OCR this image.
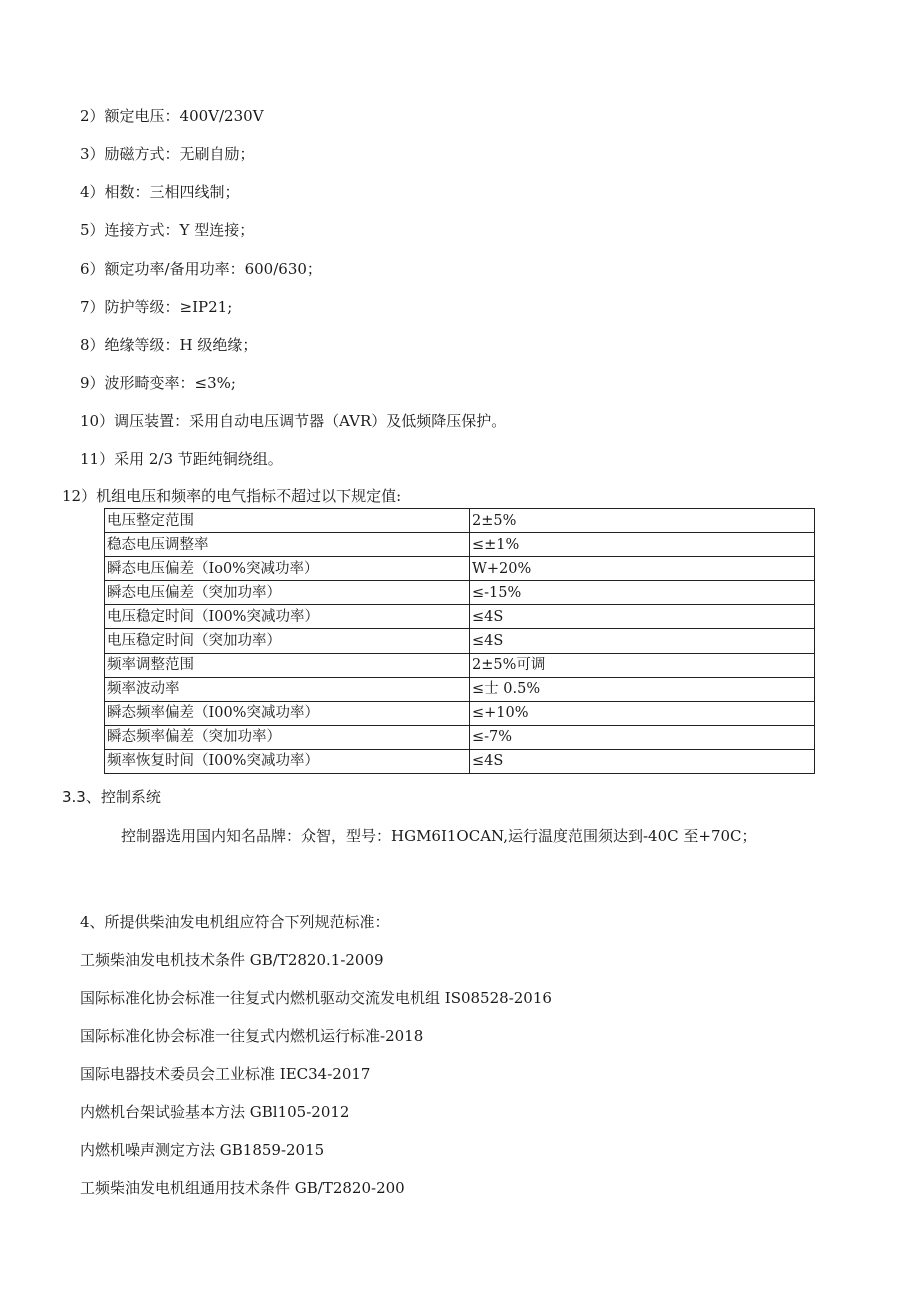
2）额定电压：400V/230V
3）励磁方式：无刷自励；
4）相数：三相四线制；
5）连接方式：Y 型连接；
6）额定功率/备用功率：600/630；
7）防护等级：≥IP21;
8）绝缘等级：H 级绝缘；
9）波形畸变率：≤3%;
10）调压装置：采用自动电压调节器（AVR）及低频降压保护。
11）采用 2/3 节距纯铜绕组。
12）机组电压和频率的电气指标不超过以下规定值:
电压整定范围	2±5%
稳态电压调整率	≤±1%
瞬态电压偏差（Io0%突减功率）	W+20%
瞬态电压偏差（突加功率）	≤-15%
电压稳定时间（I00%突减功率）	≤4S
电压稳定时间（突加功率）	≤4S
频率调整范围	2±5%可调
频率波动率	≤士 0.5%
瞬态频率偏差（I00%突减功率）	≤+10%
瞬态频率偏差（突加功率）	≤-7%
频率恢复时间（I00%突减功率）	≤4S
3.3、控制系统
控制器选用国内知名品牌：众智，型号：HGM6I1OCAN,运行温度范围须达到-40C 至+70C；
4、所提供柴油发电机组应符合下列规范标准：
工频柴油发电机技术条件 GB/T2820.1-2009
国际标准化协会标准一往复式内燃机驱动交流发电机组 IS08528-2016
国际标准化协会标准一往复式内燃机运行标准-2018
国际电器技术委员会工业标准 IEC34-2017
内燃机台架试验基本方法 GBl105-2012
内燃机噪声测定方法 GB1859-2015
工频柴油发电机组通用技术条件 GB/T2820-200
